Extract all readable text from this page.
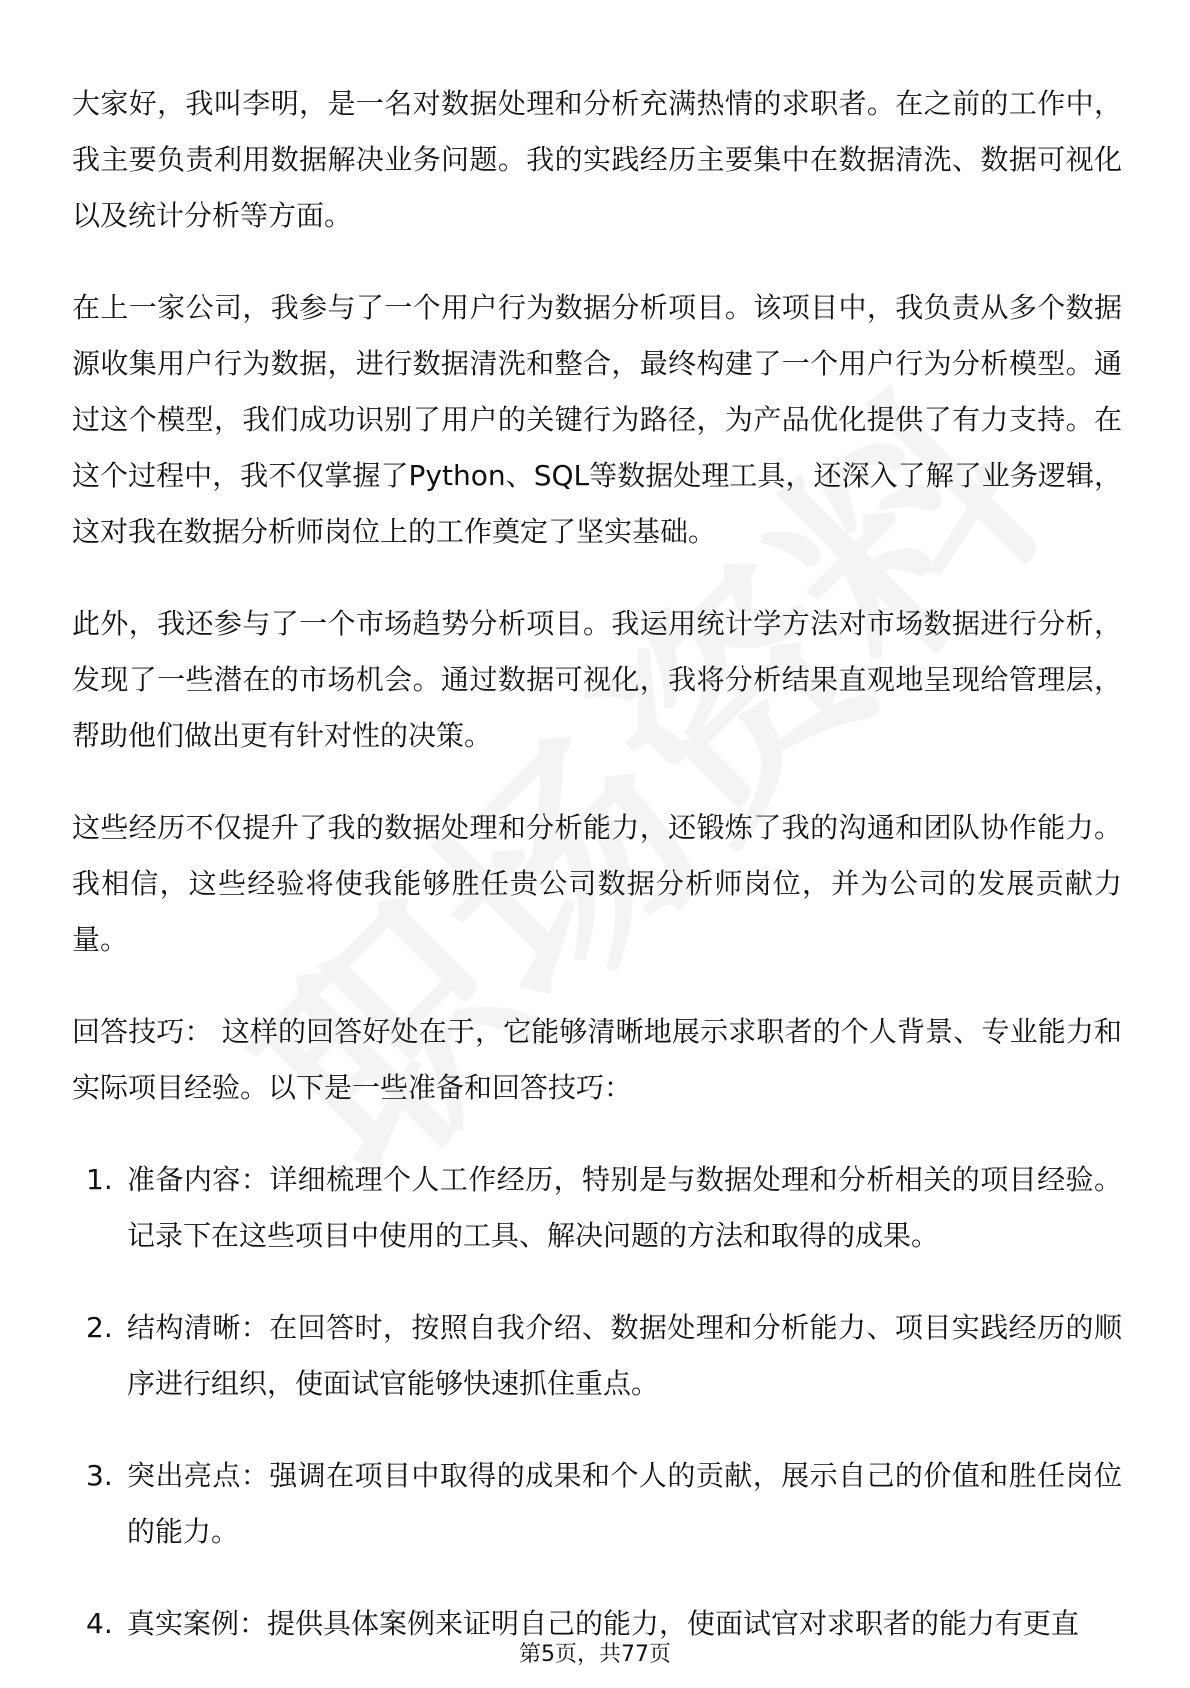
大家好，我叫李明，是一名对数据处理和分析充满热情的求职者。在之前的工作中，我主要负责利用数据解决业务问题。我的实践经历主要集中在数据清洗、数据可视化以及统计分析等方面。

在上一家公司，我参与了一个用户行为数据分析项目。该项目中，我负责从多个数据源收集用户行为数据，进行数据清洗和整合，最终构建了一个用户行为分析模型。通过这个模型，我们成功识别了用户的关键行为路径，为产品优化提供了有力支持。在这个过程中，我不仅掌握了Python、SQL等数据处理工具，还深入了解了业务逻辑，这对我在数据分析师岗位上的工作奠定了坚实基础。

此外，我还参与了一个市场趋势分析项目。我运用统计学方法对市场数据进行分析，发现了一些潜在的市场机会。通过数据可视化，我将分析结果直观地呈现给管理层，帮助他们做出更有针对性的决策。

这些经历不仅提升了我的数据处理和分析能力，还锻炼了我的沟通和团队协作能力。我相信，这些经验将使我能够胜任贵公司数据分析师岗位，并为公司的发展贡献力量。

回答技巧： 这样的回答好处在于，它能够清晰地展示求职者的个人背景、专业能力和实际项目经验。以下是一些准备和回答技巧：

1. 准备内容：详细梳理个人工作经历，特别是与数据处理和分析相关的项目经验。记录下在这些项目中使用的工具、解决问题的方法和取得的成果。
2. 结构清晰：在回答时，按照自我介绍、数据处理和分析能力、项目实践经历的顺序进行组织，使面试官能够快速抓住重点。
3. 突出亮点：强调在项目中取得的成果和个人的贡献，展示自己的价值和胜任岗位的能力。
4. 真实案例：提供具体案例来证明自己的能力，使面试官对求职者的能力有更直
第5页，共77页
